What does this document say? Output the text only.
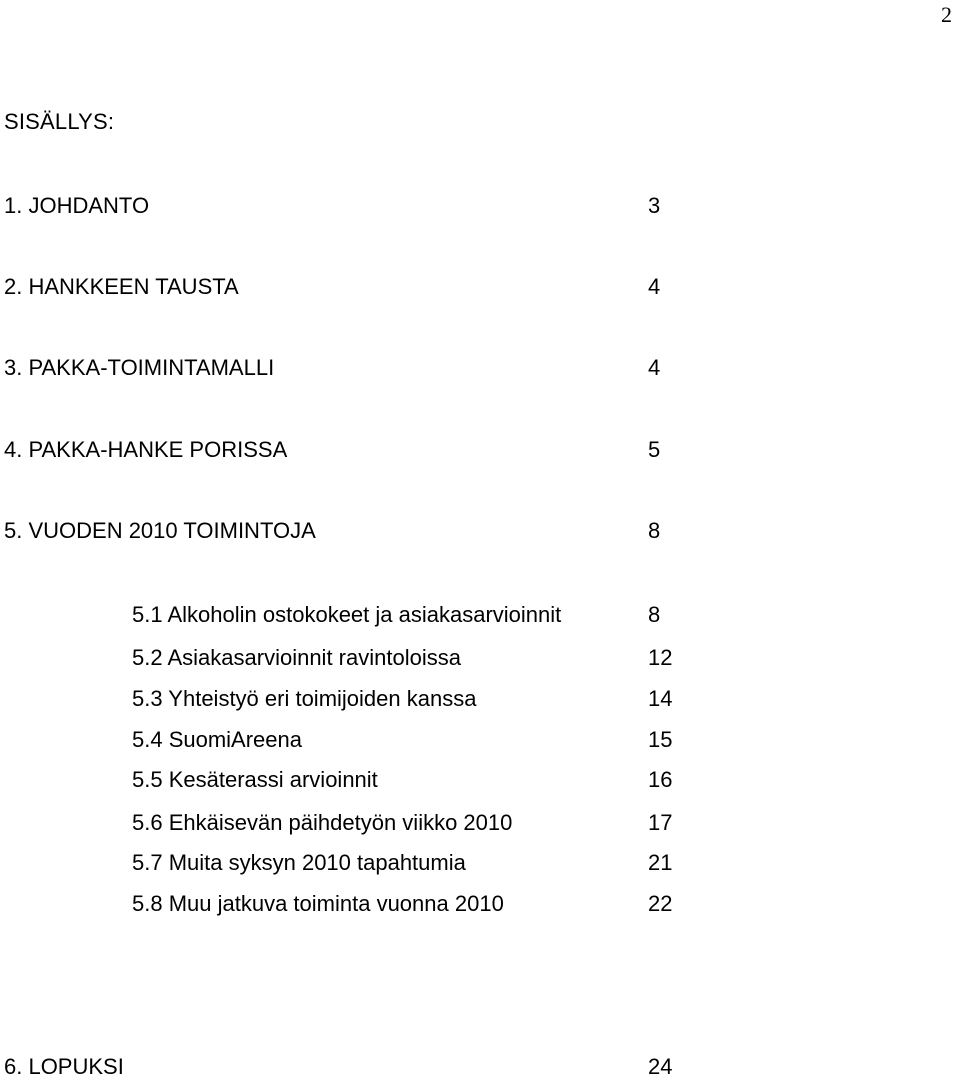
2
SISÄLLYS:
1. JOHDANTO	3
2. HANKKEEN TAUSTA	4
3. PAKKA-TOIMINTAMALLI	4
4. PAKKA-HANKE PORISSA	5
5. VUODEN 2010 TOIMINTOJA	8
5.1 Alkoholin ostokokeet ja asiakasarvioinnit	8
5.2 Asiakasarvioinnit ravintoloissa	12
5.3 Yhteistyö eri toimijoiden kanssa	14
5.4 SuomiAreena	15
5.5 Kesäterassi arvioinnit	16
5.6 Ehkäisevän päihdetyön viikko 2010	17
5.7 Muita syksyn 2010 tapahtumia	21
5.8 Muu jatkuva toiminta vuonna 2010	22
6. LOPUKSI	24
